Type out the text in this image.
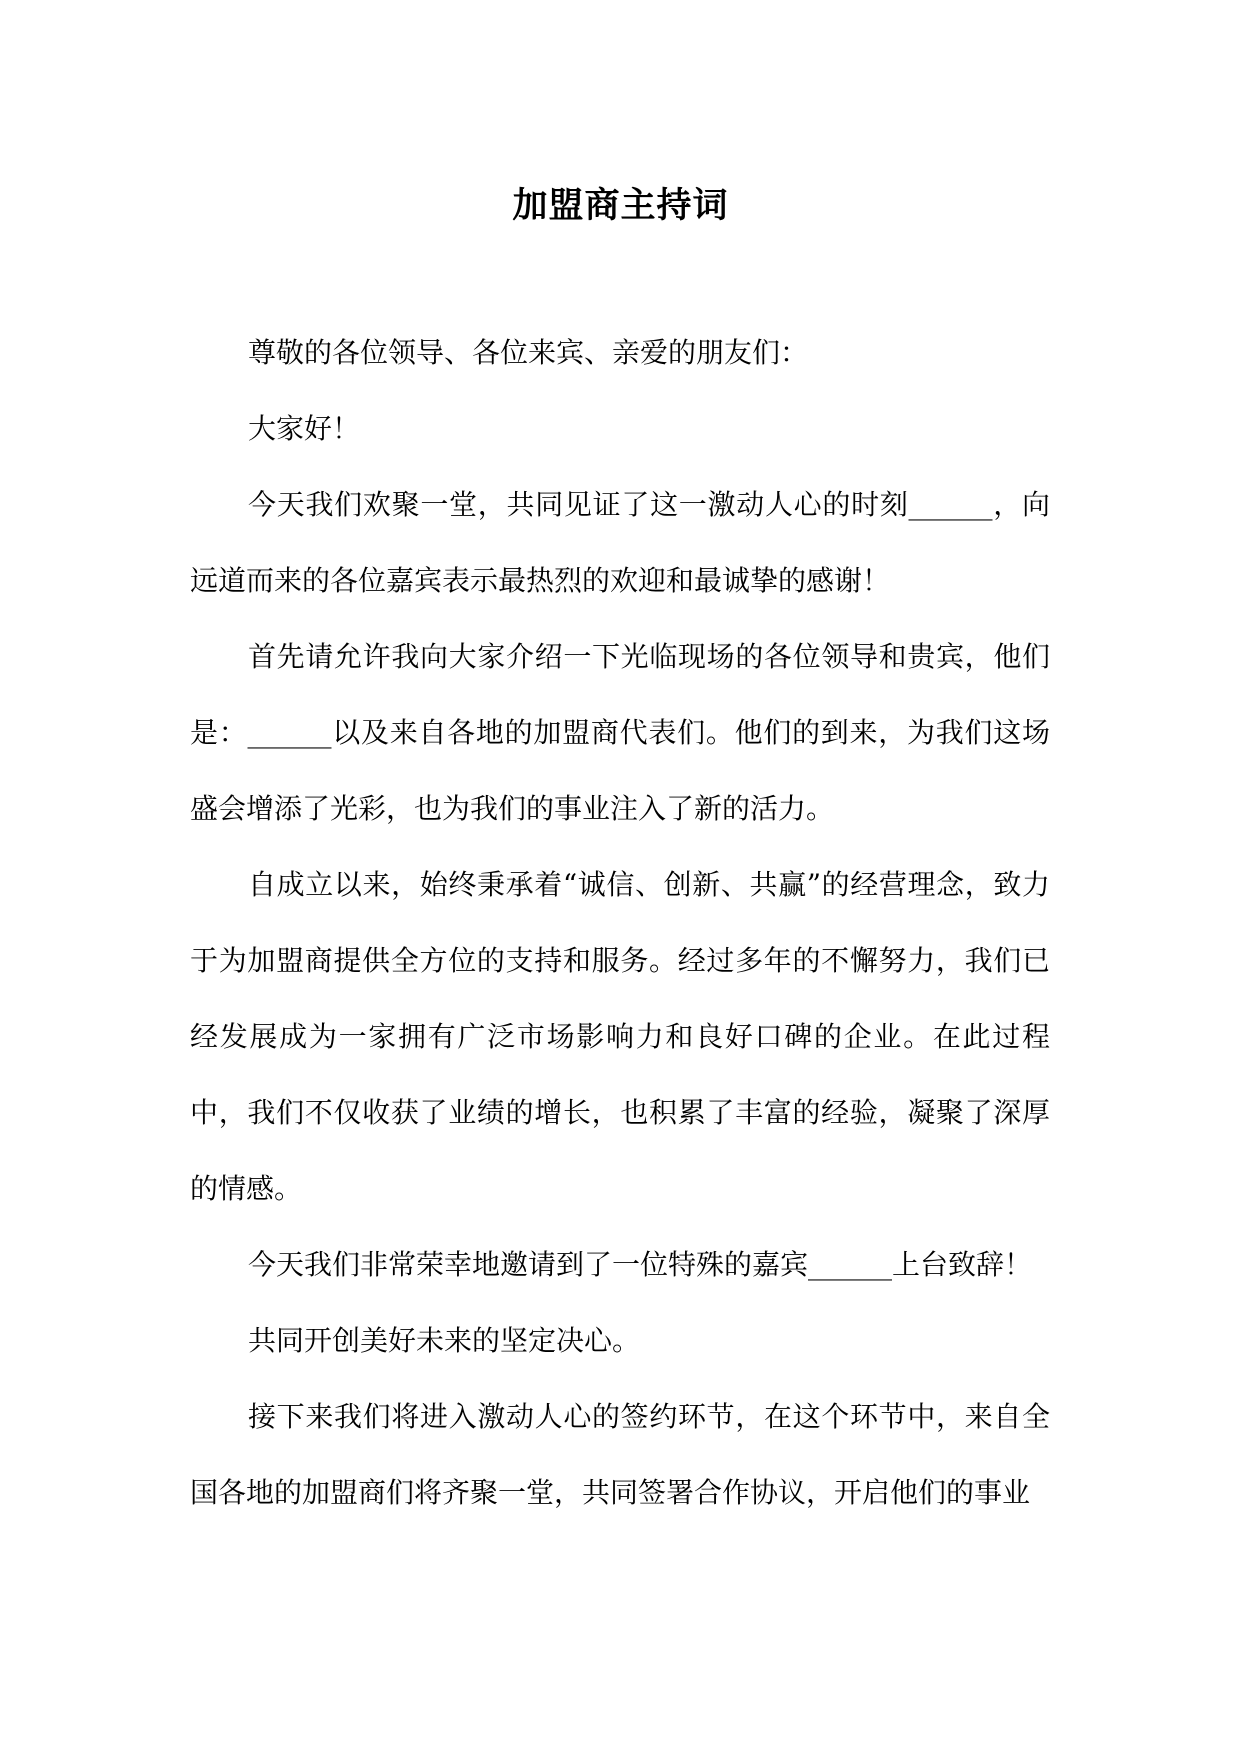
加盟商主持词

尊敬的各位领导、各位来宾、亲爱的朋友们：

大家好！

今天我们欢聚一堂，共同见证了这一激动人心的时刻______，向远道而来的各位嘉宾表示最热烈的欢迎和最诚挚的感谢！

首先请允许我向大家介绍一下光临现场的各位领导和贵宾，他们是：______以及来自各地的加盟商代表们。他们的到来，为我们这场盛会增添了光彩，也为我们的事业注入了新的活力。

自成立以来，始终秉承着“诚信、创新、共赢”的经营理念，致力于为加盟商提供全方位的支持和服务。经过多年的不懈努力，我们已经发展成为一家拥有广泛市场影响力和良好口碑的企业。在此过程中，我们不仅收获了业绩的增长，也积累了丰富的经验，凝聚了深厚的情感。

今天我们非常荣幸地邀请到了一位特殊的嘉宾______上台致辞！

共同开创美好未来的坚定决心。

接下来我们将进入激动人心的签约环节，在这个环节中，来自全国各地的加盟商们将齐聚一堂，共同签署合作协议，开启他们的事业
